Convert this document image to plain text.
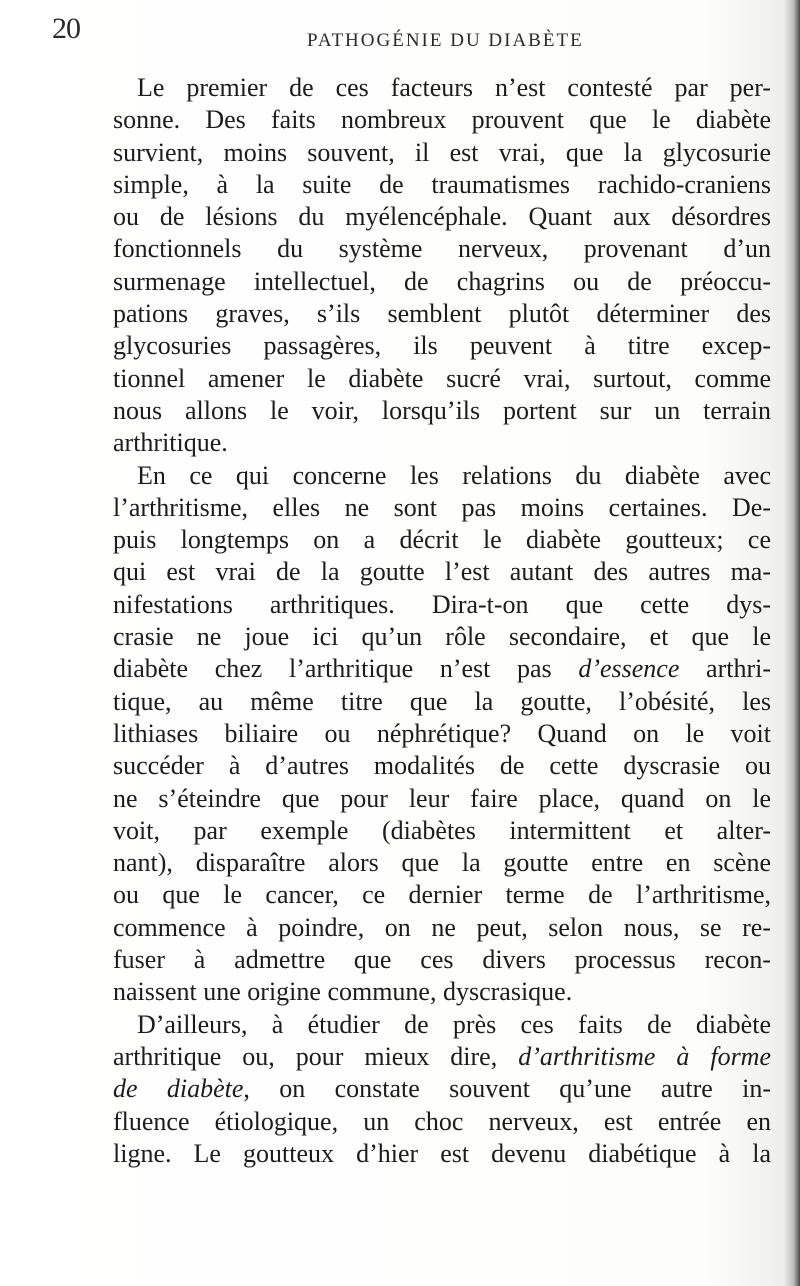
20	PATHOGÉNIE DU DIABÈTE
Le premier de ces facteurs n’est contesté par per-
sonne. Des faits nombreux prouvent que le diabète
survient, moins souvent, il est vrai, que la glycosurie
simple, à la suite de traumatismes rachido-craniens
ou de lésions du myélencéphale. Quant aux désordres
fonctionnels du système nerveux, provenant d’un
surmenage intellectuel, de chagrins ou de préoccu-
pations graves, s’ils semblent plutôt déterminer des
glycosuries passagères, ils peuvent à titre excep-
tionnel amener le diabète sucré vrai, surtout, comme
nous allons le voir, lorsqu’ils portent sur un terrain
arthritique.
En ce qui concerne les relations du diabète avec
l’arthritisme, elles ne sont pas moins certaines. De-
puis longtemps on a décrit le diabète goutteux; ce
qui est vrai de la goutte l’est autant des autres ma-
nifestations arthritiques. Dira-t-on que cette dys-
crasie ne joue ici qu’un rôle secondaire, et que le
diabète chez l’arthritique n’est pas d’essence arthri-
tique, au même titre que la goutte, l’obésité, les
lithiases biliaire ou néphrétique? Quand on le voit
succéder à d’autres modalités de cette dyscrasie ou
ne s’éteindre que pour leur faire place, quand on le
voit, par exemple (diabètes intermittent et alter-
nant), disparaître alors que la goutte entre en scène
ou que le cancer, ce dernier terme de l’arthritisme,
commence à poindre, on ne peut, selon nous, se re-
fuser à admettre que ces divers processus recon-
naissent une origine commune, dyscrasique.
D’ailleurs, à étudier de près ces faits de diabète
arthritique ou, pour mieux dire, d’arthritisme à forme
de diabète, on constate souvent qu’une autre in-
fluence étiologique, un choc nerveux, est entrée en
ligne. Le goutteux d’hier est devenu diabétique à la
